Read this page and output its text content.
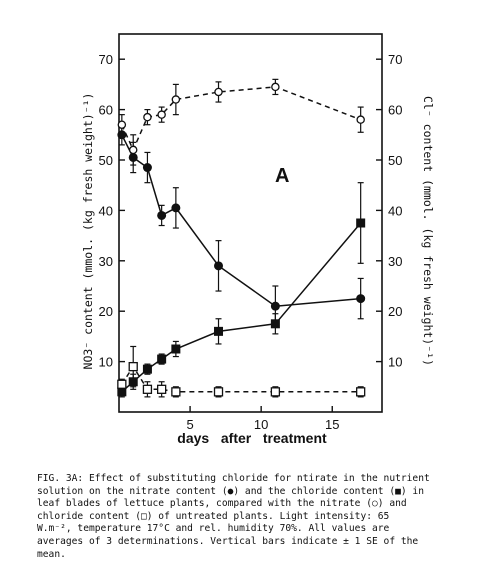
10	10
20	20
30	30
40	40
50	50
60	60
70	70
5	10	15
A
days   after   treatment
NO3⁻ content (mmol. (kg fresh weight)⁻¹)	Cl⁻ content (mmol. (kg fresh weight)⁻¹)

FIG. 3A: Effect of substituting chloride for ntirate in the nutrient
solution on the nitrate content (●) and the chloride content (■) in
leaf blades of lettuce plants, compared with the nitrate (○) and
chloride content (□) of untreated plants. Light intensity: 65
W.m⁻², temperature 17°C and rel. humidity 70%. All values are
averages of 3 determinations. Vertical bars indicate ± 1 SE of the
mean.
